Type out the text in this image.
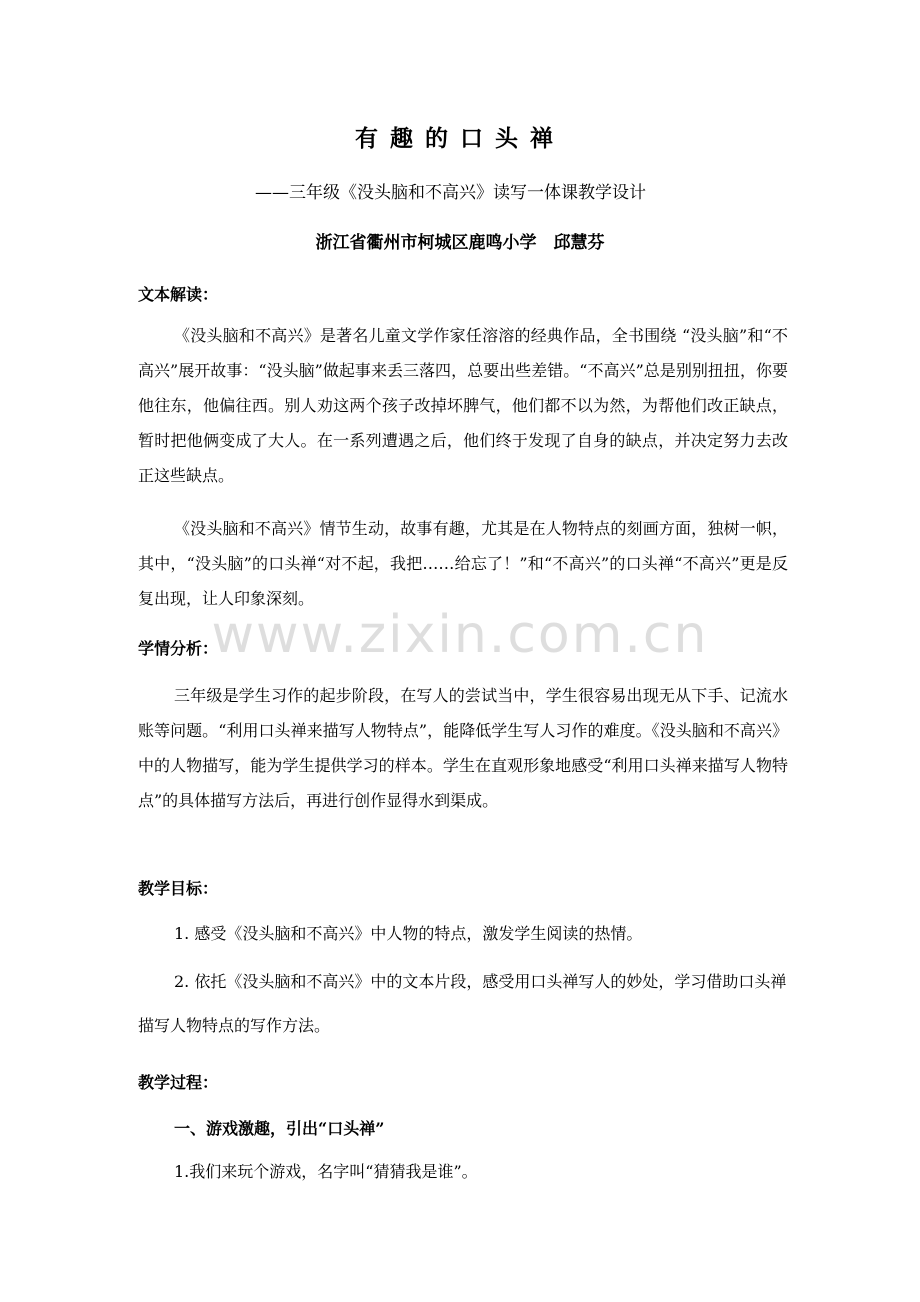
www.zixin.com.cn
有趣的口头禅
——三年级《没头脑和不高兴》读写一体课教学设计
浙江省衢州市柯城区鹿鸣小学　邱慧芬
文本解读：
《没头脑和不高兴》是著名儿童文学作家任溶溶的经典作品，全书围绕 “没头脑”和“不高兴”展开故事：“没头脑”做起事来丢三落四，总要出些差错。“不高兴”总是别别扭扭，你要他往东，他偏往西。别人劝这两个孩子改掉坏脾气，他们都不以为然，为帮他们改正缺点，暂时把他俩变成了大人。在一系列遭遇之后，他们终于发现了自身的缺点，并决定努力去改正这些缺点。
《没头脑和不高兴》情节生动，故事有趣，尤其是在人物特点的刻画方面，独树一帜，其中，“没头脑”的口头禅“对不起，我把……给忘了！”和“不高兴”的口头禅“不高兴”更是反复出现，让人印象深刻。
学情分析：
三年级是学生习作的起步阶段，在写人的尝试当中，学生很容易出现无从下手、记流水账等问题。“利用口头禅来描写人物特点”，能降低学生写人习作的难度。《没头脑和不高兴》中的人物描写，能为学生提供学习的样本。学生在直观形象地感受“利用口头禅来描写人物特点”的具体描写方法后，再进行创作显得水到渠成。
教学目标：
1. 感受《没头脑和不高兴》中人物的特点，激发学生阅读的热情。
2. 依托《没头脑和不高兴》中的文本片段，感受用口头禅写人的妙处，学习借助口头禅描写人物特点的写作方法。
教学过程：
一、游戏激趣，引出“口头禅”
1.我们来玩个游戏，名字叫“猜猜我是谁”。
